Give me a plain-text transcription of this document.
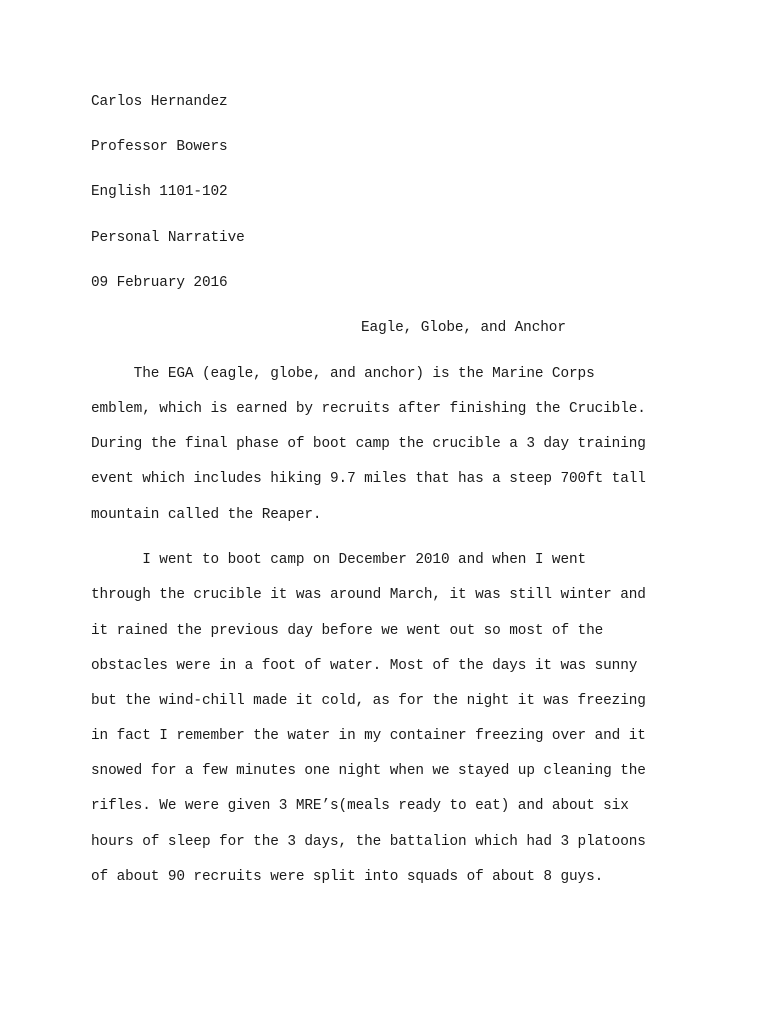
Carlos Hernandez
Professor Bowers
English 1101-102
Personal Narrative
09 February 2016
Eagle, Globe, and Anchor
The EGA (eagle, globe, and anchor) is the Marine Corps
emblem, which is earned by recruits after finishing the Crucible.
During the final phase of boot camp the crucible a 3 day training
event which includes hiking 9.7 miles that has a steep 700ft tall
mountain called the Reaper.
I went to boot camp on December 2010 and when I went
through the crucible it was around March, it was still winter and
it rained the previous day before we went out so most of the
obstacles were in a foot of water. Most of the days it was sunny
but the wind-chill made it cold, as for the night it was freezing
in fact I remember the water in my container freezing over and it
snowed for a few minutes one night when we stayed up cleaning the
rifles. We were given 3 MRE’s(meals ready to eat) and about six
hours of sleep for the 3 days, the battalion which had 3 platoons
of about 90 recruits were split into squads of about 8 guys.
